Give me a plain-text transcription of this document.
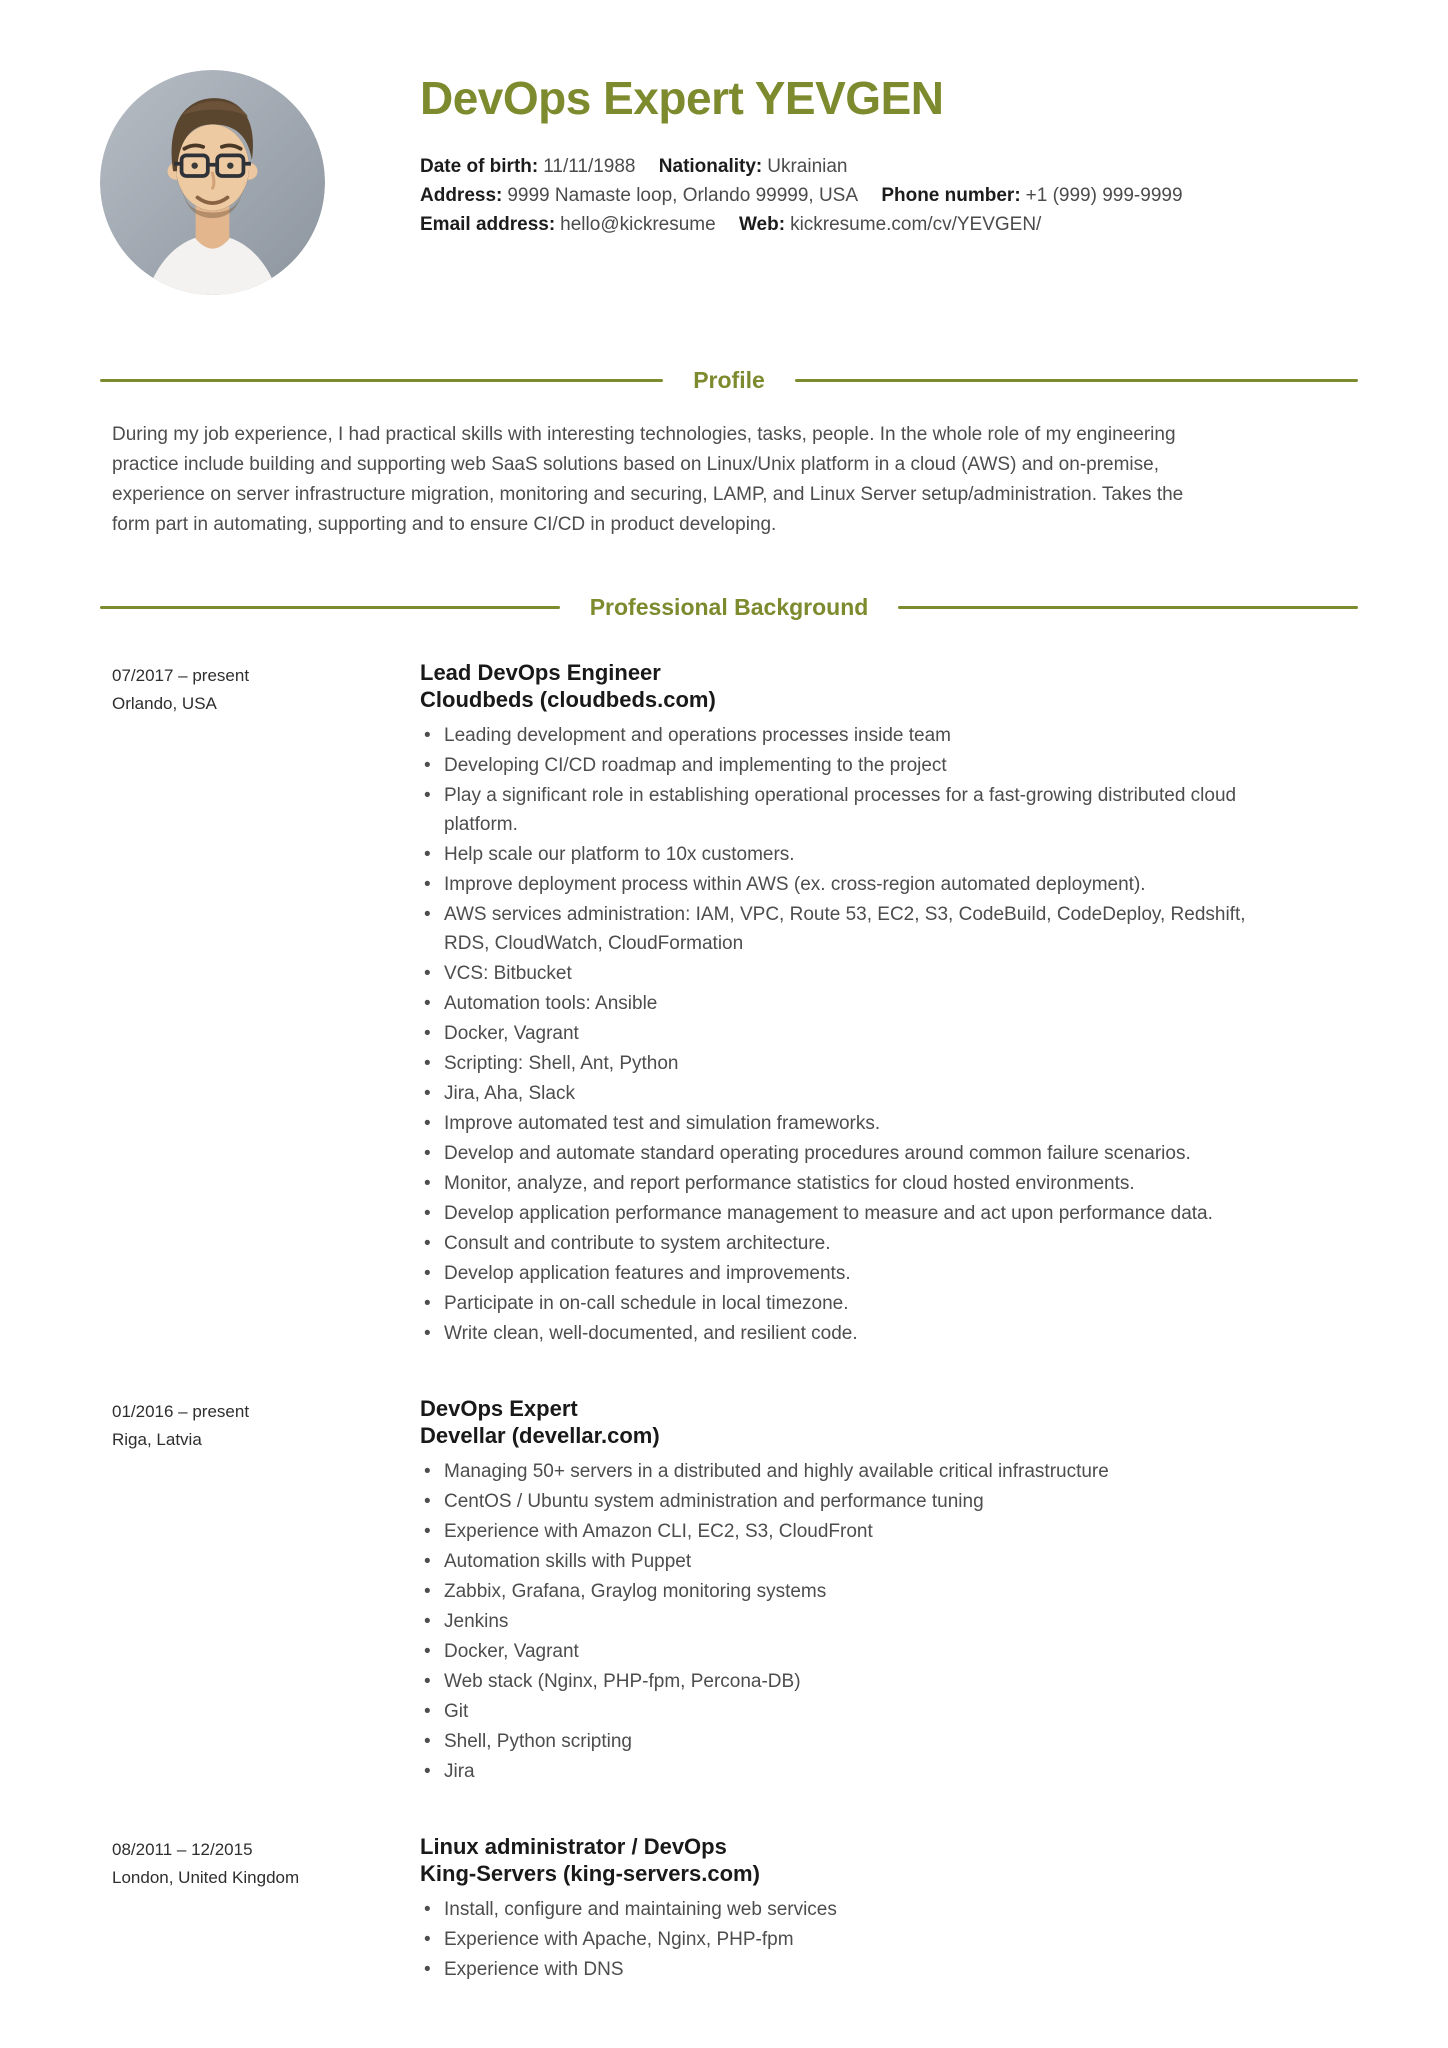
DevOps Expert YEVGEN
Date of birth: 11/11/1988 Nationality: Ukrainian
Address: 9999 Namaste loop, Orlando 99999, USA Phone number: +1 (999) 999-9999
Email address: hello@kickresume Web: kickresume.com/cv/YEVGEN/
Profile

During my job experience, I had practical skills with interesting technologies, tasks, people. In the whole role of my engineering practice include building and supporting web SaaS solutions based on Linux/Unix platform in a cloud (AWS) and on-premise, experience on server infrastructure migration, monitoring and securing, LAMP, and Linux Server setup/administration. Takes the form part in automating, supporting and to ensure CI/CD in product developing.

Professional Background
07/2017 – present
Orlando, USA

Lead DevOps Engineer

Cloudbeds (cloudbeds.com)

• Leading development and operations processes inside team
• Developing CI/CD roadmap and implementing to the project
• Play a significant role in establishing operational processes for a fast-growing distributed cloud platform.
• Help scale our platform to 10x customers.
• Improve deployment process within AWS (ex. cross-region automated deployment).
• AWS services administration: IAM, VPC, Route 53, EC2, S3, CodeBuild, CodeDeploy, Redshift, RDS, CloudWatch, CloudFormation
• VCS: Bitbucket
• Automation tools: Ansible
• Docker, Vagrant
• Scripting: Shell, Ant, Python
• Jira, Aha, Slack
• Improve automated test and simulation frameworks.
• Develop and automate standard operating procedures around common failure scenarios.
• Monitor, analyze, and report performance statistics for cloud hosted environments.
• Develop application performance management to measure and act upon performance data.
• Consult and contribute to system architecture.
• Develop application features and improvements.
• Participate in on-call schedule in local timezone.
• Write clean, well-documented, and resilient code.
01/2016 – present
Riga, Latvia

DevOps Expert

Devellar (devellar.com)

• Managing 50+ servers in a distributed and highly available critical infrastructure
• CentOS / Ubuntu system administration and performance tuning
• Experience with Amazon CLI, EC2, S3, CloudFront
• Automation skills with Puppet
• Zabbix, Grafana, Graylog monitoring systems
• Jenkins
• Docker, Vagrant
• Web stack (Nginx, PHP-fpm, Percona-DB)
• Git
• Shell, Python scripting
• Jira
08/2011 – 12/2015
London, United Kingdom

Linux administrator / DevOps

King-Servers (king-servers.com)

• Install, configure and maintaining web services
• Experience with Apache, Nginx, PHP-fpm
• Experience with DNS
